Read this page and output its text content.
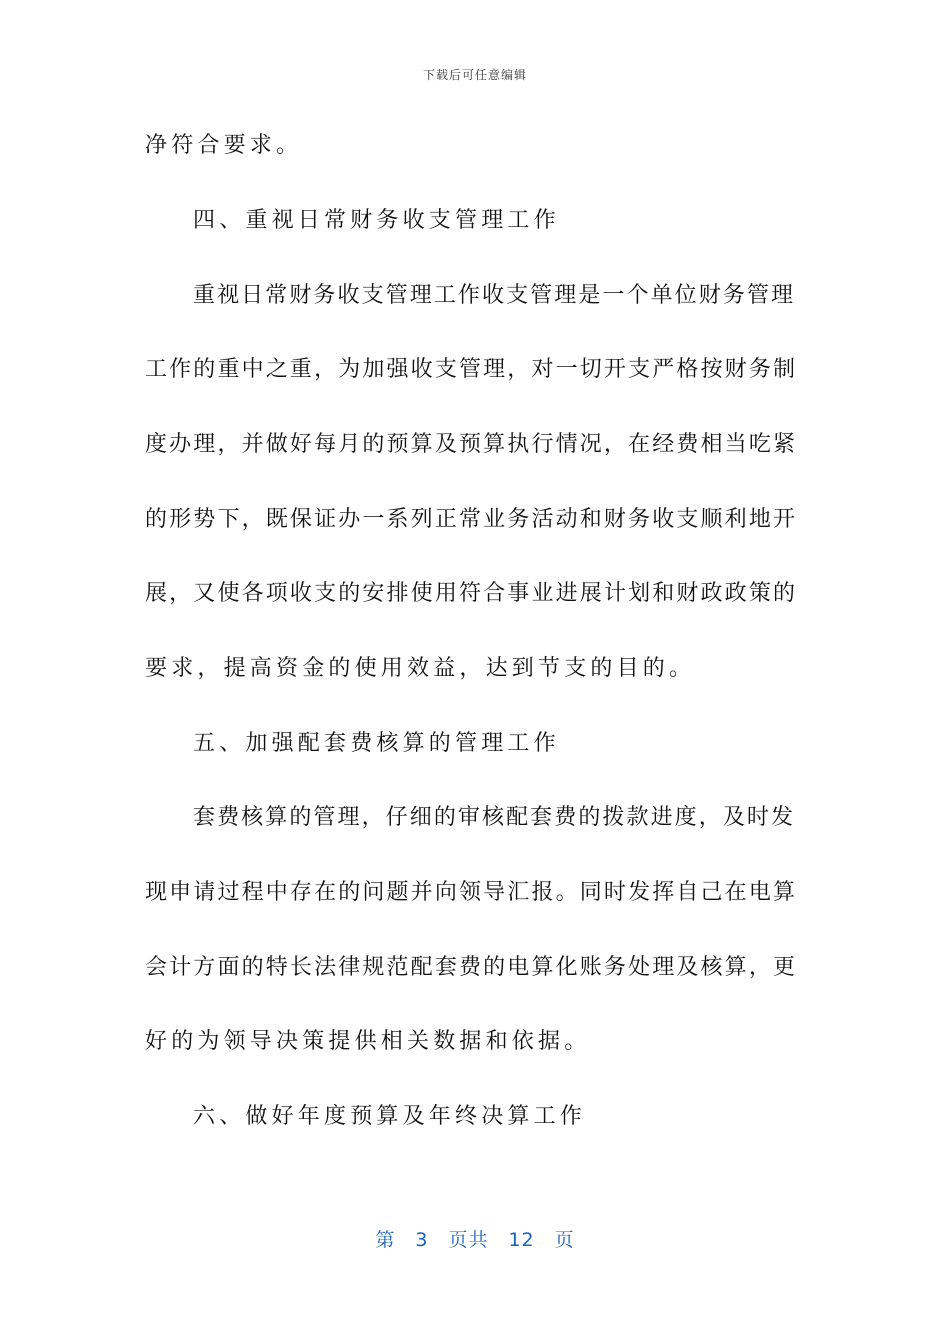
下载后可任意编辑
净符合要求。
四、重视日常财务收支管理工作
重视日常财务收支管理工作收支管理是一个单位财务管理
工作的重中之重，为加强收支管理，对一切开支严格按财务制
度办理，并做好每月的预算及预算执行情况，在经费相当吃紧
的形势下，既保证办一系列正常业务活动和财务收支顺利地开
展，又使各项收支的安排使用符合事业进展计划和财政政策的
要求，提高资金的使用效益，达到节支的目的。
五、加强配套费核算的管理工作
套费核算的管理，仔细的审核配套费的拨款进度，及时发
现申请过程中存在的问题并向领导汇报。同时发挥自己在电算
会计方面的特长法律规范配套费的电算化账务处理及核算，更
好的为领导决策提供相关数据和依据。
六、做好年度预算及年终决算工作
第 3 页共 12 页
